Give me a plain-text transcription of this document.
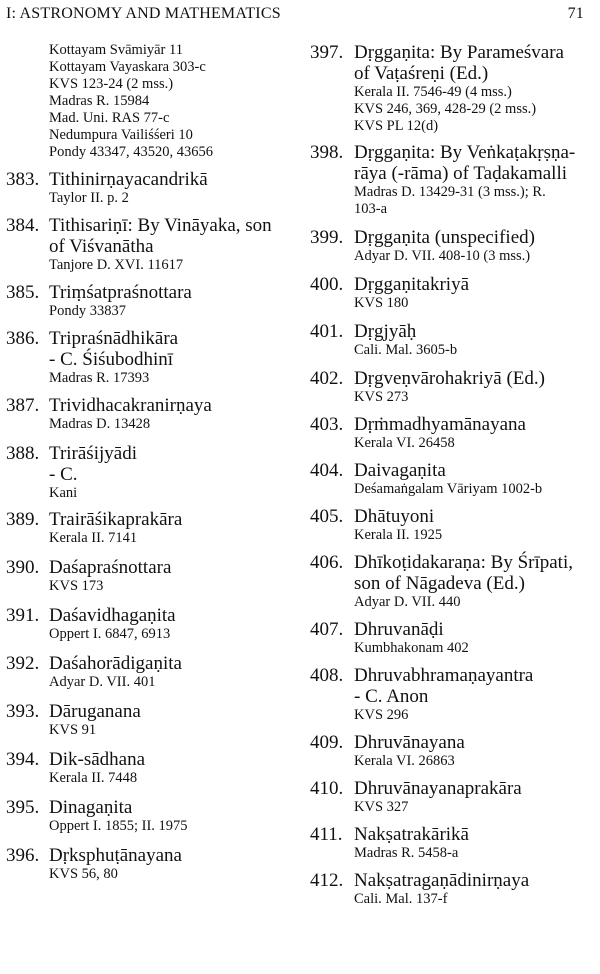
I: ASTRONOMY AND MATHEMATICS	71
Kottayam Svāmiyār 11
Kottayam Vayaskara 303-c
KVS 123-24 (2 mss.)
Madras R. 15984
Mad. Uni. RAS 77-c
Nedumpura Vailiśśeri 10
Pondy 43347, 43520, 43656
383. Tithinirṇayacandrikā
Taylor II. p. 2
384. Tithisariṇī: By Vināyaka, son
of Viśvanātha
Tanjore D. XVI. 11617
385. Triṃśatpraśnottara
Pondy 33837
386. Tripraśnādhikāra
- C. Śiśubodhinī
Madras R. 17393
387. Trividhacakranirṇaya
Madras D. 13428
388. Trirāśijyādi
- C.
Kani
389. Trairāśikaprakāra
Kerala II. 7141
390. Daśapraśnottara
KVS 173
391. Daśavidhagaṇita
Oppert I. 6847, 6913
392. Daśahorādigaṇita
Adyar D. VII. 401
393. Dāruganana
KVS 91
394. Dik-sādhana
Kerala II. 7448
395. Dinagaṇita
Oppert I. 1855; II. 1975
396. Dṛksphuṭānayana
KVS 56, 80
397. Dṛggaṇita: By Parameśvara
of Vaṭaśreṇi (Ed.)
Kerala II. 7546-49 (4 mss.)
KVS 246, 369, 428-29 (2 mss.)
KVS PL 12(d)
398. Dṛggaṇita: By Veṅkaṭakṛṣṇa-
rāya (-rāma) of Taḍakamalli
Madras D. 13429-31 (3 mss.); R.
103-a
399. Dṛggaṇita (unspecified)
Adyar D. VII. 408-10 (3 mss.)
400. Dṛggaṇitakriyā
KVS 180
401. Dṛgjyāḥ
Cali. Mal. 3605-b
402. Dṛgveṇvārohakriyā (Ed.)
KVS 273
403. Dṛṁmadhyamānayana
Kerala VI. 26458
404. Daivagaṇita
Deśamaṅgalam Vāriyam 1002-b
405. Dhātuyoni
Kerala II. 1925
406. Dhīkoṭidakaraṇa: By Śrīpati,
son of Nāgadeva (Ed.)
Adyar D. VII. 440
407. Dhruvanāḍi
Kumbhakonam 402
408. Dhruvabhramaṇayantra
- C. Anon
KVS 296
409. Dhruvānayana
Kerala VI. 26863
410. Dhruvānayanaprakāra
KVS 327
411. Nakṣatrakārikā
Madras R. 5458-a
412. Nakṣatragaṇādinirṇaya
Cali. Mal. 137-f
